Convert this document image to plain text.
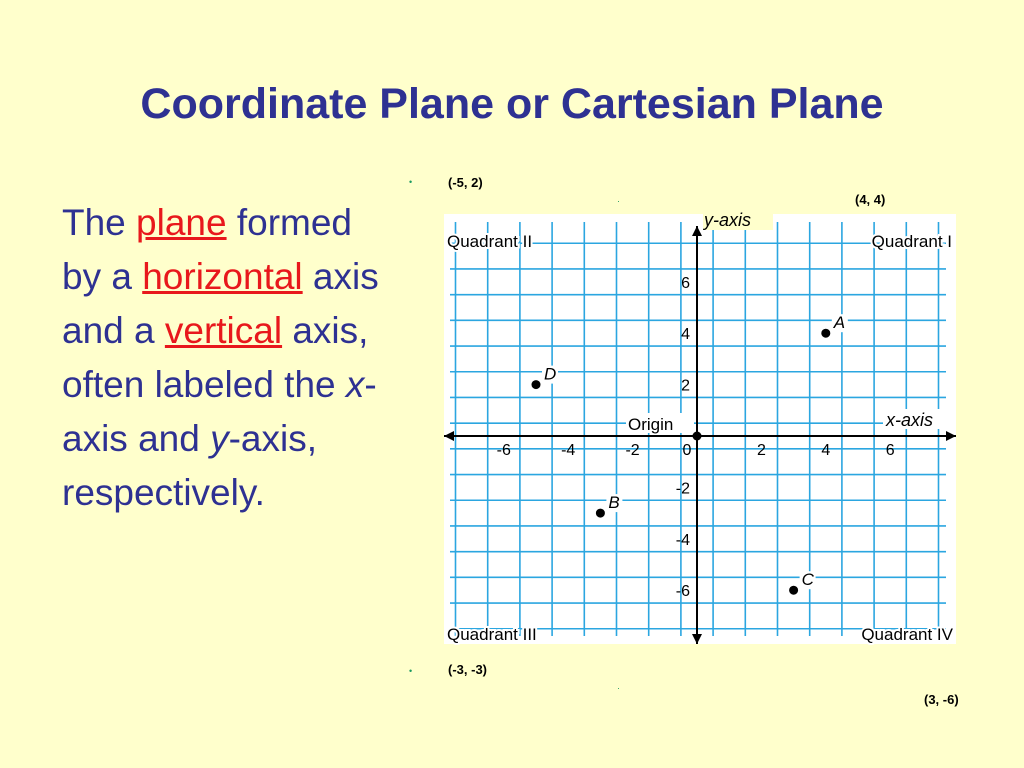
Coordinate Plane or Cartesian Plane
The plane formed by a horizontal axis and a vertical axis, often labeled the x-axis and y-axis, respectively.
•	(-5, 2)
·	(4, 4)
•	(-3, -3)
·
(3, -6)
-6	-4	-2	0	2	4	6
6
4
2
-2
-4
-6
x-axis
y-axis
Origin
Quadrant II	Quadrant I
Quadrant III	Quadrant IV
A
D
B
C
